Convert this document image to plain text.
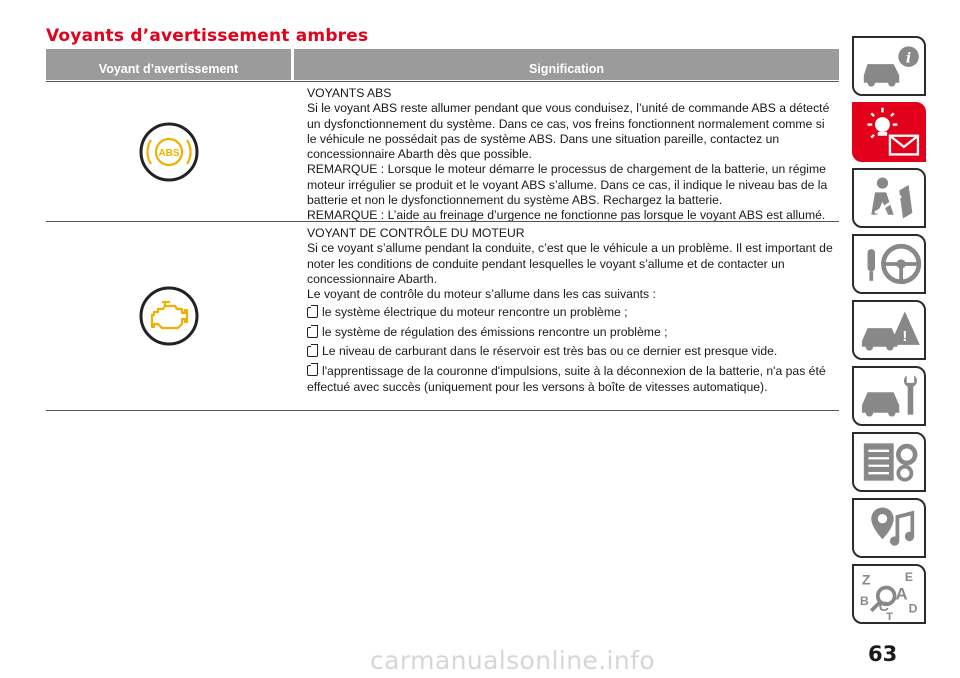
Voyants d’avertissement ambres
Voyant d’avertissement	Signification
ABS

VOYANTS ABS

Si le voyant ABS reste allumer pendant que vous conduisez, l’unité de commande ABS a détecté un dysfonctionnement du système. Dans ce cas, vos freins fonctionnent normalement comme si le véhicule ne possédait pas de système ABS. Dans une situation pareille, contactez un concessionnaire Abarth dès que possible.

REMARQUE : Lorsque le moteur démarre le processus de chargement de la batterie, un régime moteur irrégulier se produit et le voyant ABS s’allume. Dans ce cas, il indique le niveau bas de la batterie et non le dysfonctionnement du système ABS. Rechargez la batterie.

REMARQUE : L’aide au freinage d’urgence ne fonctionne pas lorsque le voyant ABS est allumé.

VOYANT DE CONTRÔLE DU MOTEUR

Si ce voyant s’allume pendant la conduite, c’est que le véhicule a un problème. Il est important de noter les conditions de conduite pendant lesquelles le voyant s’allume et de contacter un concessionnaire Abarth.

Le voyant de contrôle du moteur s’allume dans les cas suivants :

le système électrique du moteur rencontre un problème ;
le système de régulation des émissions rencontre un problème ;
Le niveau de carburant dans le réservoir est très bas ou ce dernier est presque vide.
l'apprentissage de la couronne d'impulsions, suite à la déconnexion de la batterie, n'a pas été effectué avec succès (uniquement pour les versons à boîte de vitesses automatique).
i
!
Z	E
A
B C D
T
63
carmanualsonline.info
